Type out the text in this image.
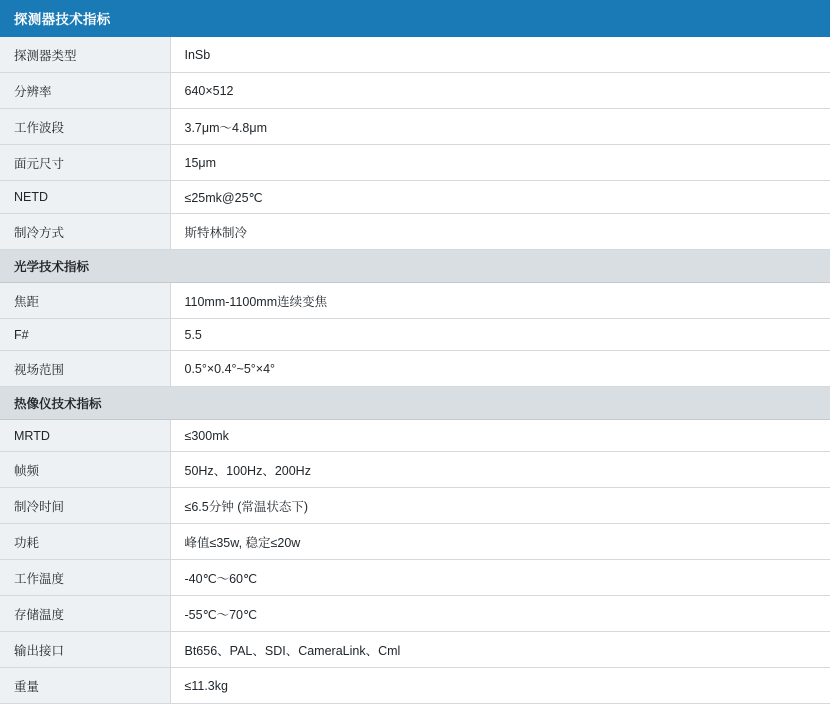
探测器技术指标	
探测器类型	InSb
分辨率	640×512
工作波段	3.7μm～4.8μm
面元尺寸	15μm
NETD	≤25mk@25℃
制冷方式	斯特林制冷
光学技术指标	
焦距	110mm-1100mm连续变焦
F#	5.5
视场范围	0.5°×0.4°~5°×4°
热像仪技术指标	
MRTD	≤300mk
帧频	50Hz、100Hz、200Hz
制冷时间	≤6.5分钟 (常温状态下)
功耗	峰值≤35w, 稳定≤20w
工作温度	-40℃～60℃
存储温度	-55℃～70℃
输出接口	Bt656、PAL、SDI、CameraLink、Cml
重量	≤11.3kg
